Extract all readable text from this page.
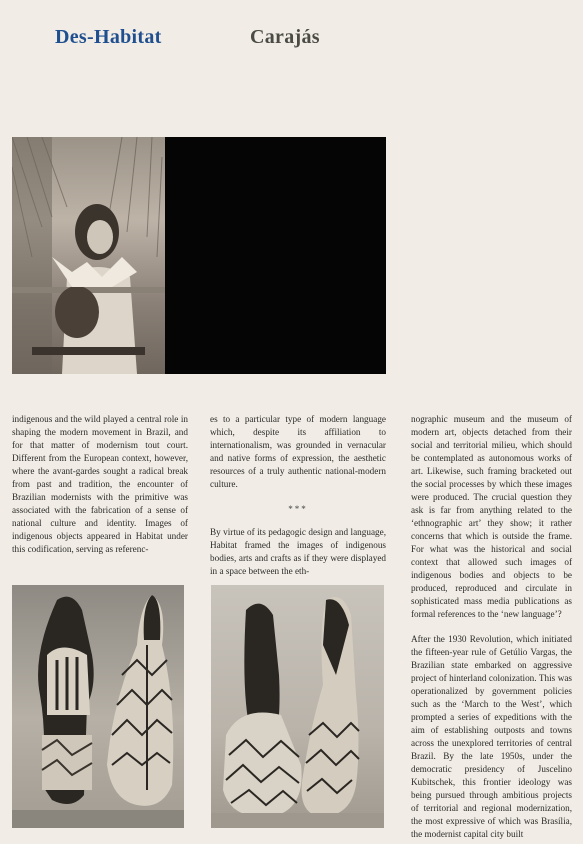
Des-Habitat	Carajás

indigenous and the wild played a central role in shaping the modern movement in Brazil, and for that matter of modernism tout court. Different from the European context, however, where the avant-gardes sought a radical break from past and tradition, the encounter of Brazilian modernists with the primitive was associated with the fabrication of a sense of national culture and identity. Images of indigenous objects appeared in Habitat under this codification, serving as referenc-

es to a particular type of modern language which, despite its affiliation to internationalism, was grounded in vernacular and native forms of expression, the aesthetic resources of a truly authentic national-modern culture.

***

By virtue of its pedagogic design and language, Habitat framed the images of indigenous bodies, arts and crafts as if they were displayed in a space between the eth-

nographic museum and the museum of modern art, objects detached from their social and territorial milieu, which should be contemplated as autonomous works of art. Likewise, such framing bracketed out the social processes by which these images were produced. The crucial question they ask is far from anything related to the ‘ethnographic art’ they show; it rather concerns that which is outside the frame. For what was the historical and social context that allowed such images of indigenous bodies and objects to be produced, reproduced and circulate in sophisticated mass media publications as formal references to the ‘new language’?

After the 1930 Revolution, which initiated the fifteen-year rule of Getúlio Vargas, the Brazilian state embarked on aggressive project of hinterland colonization. This was operationalized by government policies such as the ‘March to the West’, which prompted a series of expeditions with the aim of establishing outposts and towns across the unexplored territories of central Brazil. By the late 1950s, under the democratic presidency of Juscelino Kubitschek, this frontier ideology was being pursued through ambitious projects of territorial and regional modernization, the most expressive of which was Brasília, the modernist capital city built
